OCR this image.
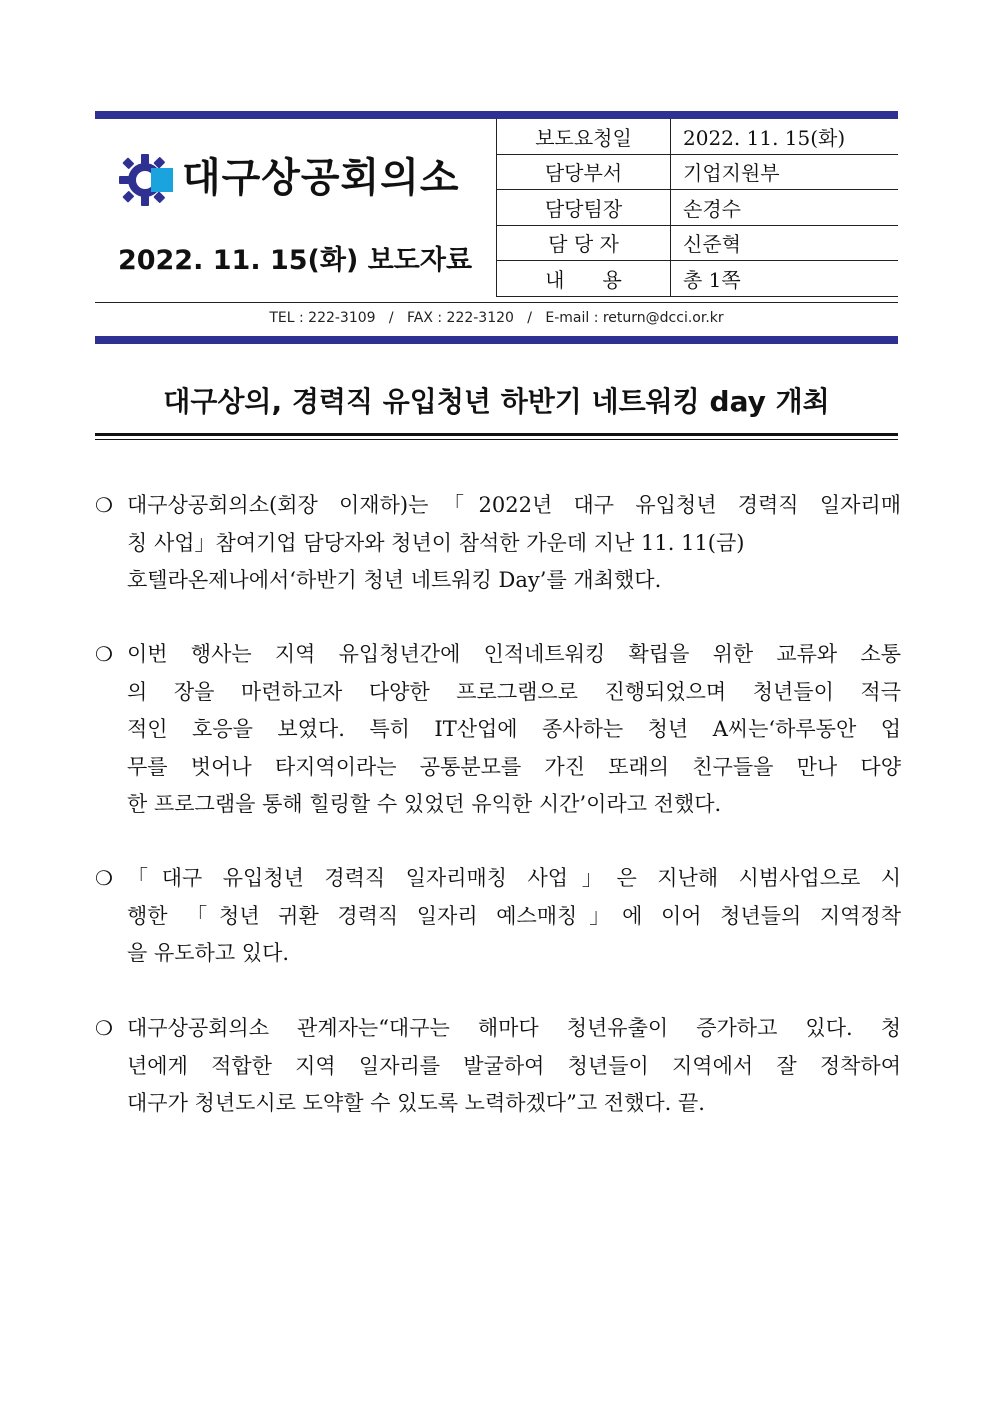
대구상공회의소
2022. 11. 15(화) 보도자료
보도요청일	2022. 11. 15(화)
담당부서	기업지원부
담당팀장	손경수
담 당 자	신준혁
내      용	총 1쪽
TEL : 222-3109   /   FAX : 222-3120   /   E-mail : return@dcci.or.kr
대구상의, 경력직 유입청년 하반기 네트워킹 day 개최
❍ 대구상공회의소(회장 이재하)는「2022년 대구 유입청년 경력직 일자리매
칭 사업」참여기업 담당자와 청년이 참석한 가운데 지난 11. 11(금)
호텔라온제나에서‘하반기 청년 네트워킹 Day’를 개최했다.
❍ 이번 행사는 지역 유입청년간에 인적네트워킹 확립을 위한 교류와 소통
의 장을 마련하고자 다양한 프로그램으로 진행되었으며 청년들이 적극
적인 호응을 보였다. 특히 IT산업에 종사하는 청년 A씨는‘하루동안 업
무를 벗어나 타지역이라는 공통분모를 가진 또래의 친구들을 만나 다양
한 프로그램을 통해 힐링할 수 있었던 유익한 시간’이라고 전했다.
❍ 「대구 유입청년 경력직 일자리매칭 사업」은 지난해 시범사업으로 시
행한 「청년 귀환 경력직 일자리 예스매칭」에 이어 청년들의 지역정착
을 유도하고 있다.
❍ 대구상공회의소 관계자는“대구는 해마다 청년유출이 증가하고 있다. 청
년에게 적합한 지역 일자리를 발굴하여 청년들이 지역에서 잘 정착하여
대구가 청년도시로 도약할 수 있도록 노력하겠다”고 전했다. 끝.
